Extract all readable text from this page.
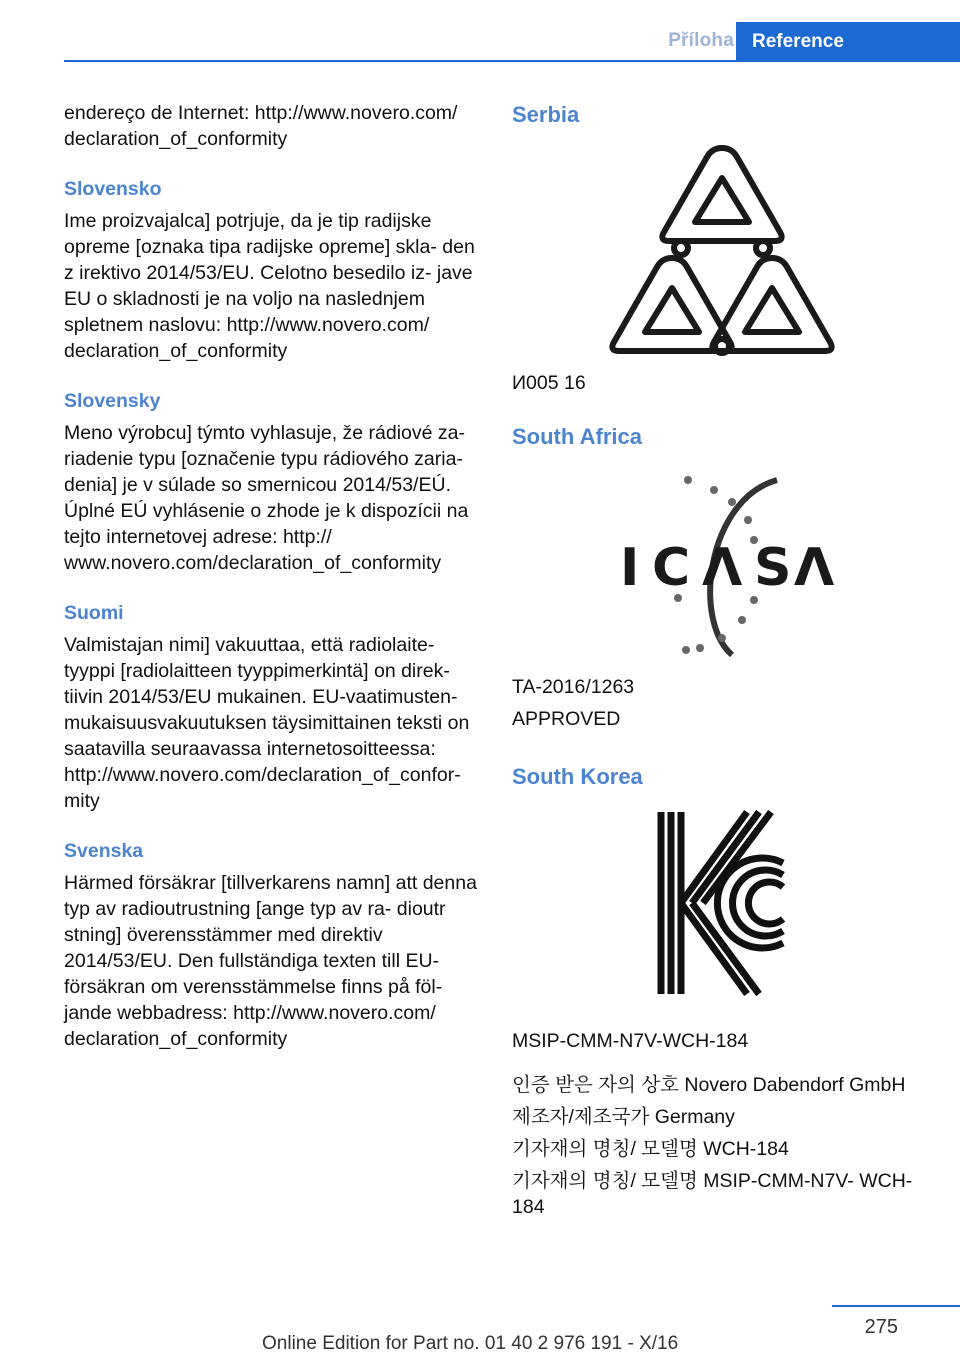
Příloha Reference

endereço de Internet: http://www.novero.com/ declaration_of_conformity

Slovensko

Ime proizvajalca] potrjuje, da je tip radijske opreme [oznaka tipa radijske opreme] skla- den z irektivo 2014/53/EU. Celotno besedilo iz- jave EU o skladnosti je na voljo na naslednjem spletnem naslovu: http://www.novero.com/ declaration_of_conformity

Slovensky

Meno výrobcu] týmto vyhlasuje, že rádiové za- riadenie typu [označenie typu rádiového zaria- denia] je v súlade so smernicou 2014/53/EÚ. Úplné EÚ vyhlásenie o zhode je k dispozícii na tejto internetovej adrese: http:// www.novero.com/declaration_of_conformity

Suomi

Valmistajan nimi] vakuuttaa, että radiolaite- tyyppi [radiolaitteen tyyppimerkintä] on direk- tiivin 2014/53/EU mukainen. EU-vaatimusten- mukaisuusvakuutuksen täysimittainen teksti on saatavilla seuraavassa internetosoitteessa: http://www.novero.com/declaration_of_confor- mity

Svenska

Härmed försäkrar [tillverkarens namn] att denna typ av radioutrustning [ange typ av ra- dioutr stning] överensstämmer med direktiv 2014/53/EU. Den fullständiga texten till EU- försäkran om verensstämmelse finns på föl- jande webbadress: http://www.novero.com/ declaration_of_conformity

Serbia

И005 16

South Africa

I C Λ S Λ

TA-2016/1263

APPROVED

South Korea

MSIP-CMM-N7V-WCH-184

인증 받은 자의 상호 Novero Dabendorf GmbH

제조자/제조국가 Germany

기자재의 명칭/ 모델명 WCH-184

기자재의 명칭/ 모델명 MSIP-CMM-N7V- WCH-184

275
Online Edition for Part no. 01 40 2 976 191 - X/16
